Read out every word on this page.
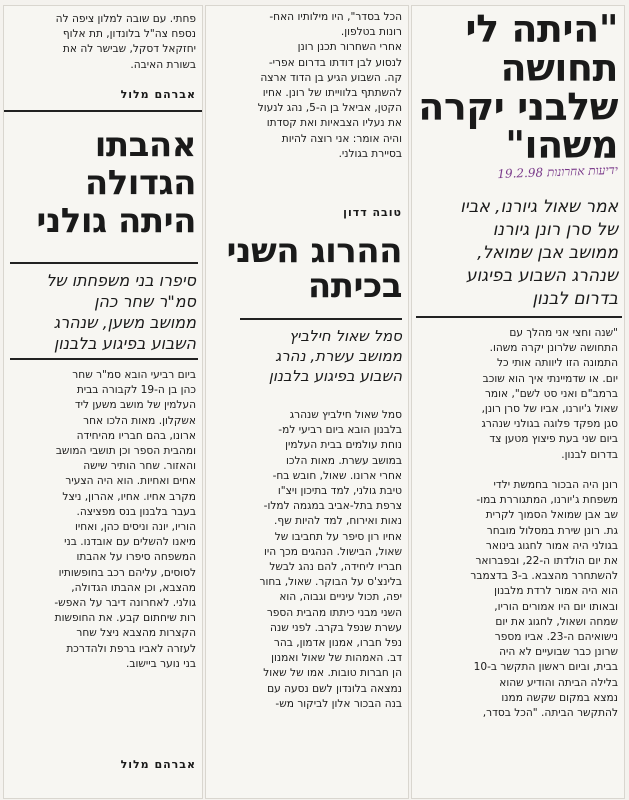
"היתה לי
תחושה
שלבני יקרה
משהו"
ידיעות אחרונות 19.2.98
אמר שאול גיורנו, אביו
של סרן רונן גיורנו
ממושב אבן שמואל,
שנהרג השבוע בפיגוע
בדרום לבנון
"שנה וחצי אני מהלך עם
התחושה שלרונן יקרה משהו.
התמונה הזו ליוותה אותי כל
יום. או שדמיינתי איך הוא שוכב
ברמב"ם ואני סט לשם", אומר
שאול ג'יורנו, אביו של סרן רונן,
סגן מפקד פלוגה בגולני שנהרג
ביום שני בעת פיצוץ מטען צד
בדרום לבנון.

רונן היה הבכור בחמשת ילדי
משפחת ג'יורנו, המתגוררת במו-
שב אבן שמואל הסמוך לקרית
גת. רונן שירת במסלול מובחר
בגולני היה אמור לחגוג בינואר
את יום הולדתו ה-22, ובפברואר
להשתחרר מהצבא. ב-3 בדצמבר
הוא היה אמור לרדת מלבנון
ובאותו יום היו אמורים הוריו,
שמחה ושאול, לחגוג את יום
נישואיהם ה-23. אביו מספר
שרונן כבר שבועיים לא היה
בבית, וביום ראשון התקשר ב-10
בלילה הביתה והודיע שהוא
נמצא במקום שקשה ממנו
להתקשר הביתה. "הכל בסדר,
הכל בסדר", היו מילותיו האח-
רונות בטלפון.
אחרי השחרור תכנן רונן
לנסוע לבן דודתו בדרום אפרי-
קה. השבוע הגיע בן הדוד ארצה
להשתתף בלווייתו של רונן. אחיו
הקטן, אביאל בן ה-5, נהג לנעול
את נעליו הצבאיות ואת קסדתו
והיה אומר: אני רוצה להיות
בסיירת בגולני.
טובה דדון
ההרוג השני
בכיתה
סמל שאול חילביץ
ממושב עשרת, נהרג
השבוע בפיגוע בלבנון
סמל שאול חילביץ שנהרג
בלבנון הובא ביום רביעי למ-
נוחת עולמים בבית העלמין
במושב עשרת. מאות הלכו
אחרי ארונו. שאול, חובש בח-
טיבת גולני, למד בתיכון ויצ"ו
צרפת בתל-אביב במגמה למלו-
נאות ואירוח, למד להיות שף.
אחיו רון סיפר על תחביבו של
שאול, הבישול. הנהגים מכך היו
חבריו ליחידה, להם נהג לבשל
בלינצ'ס על הבוקר. שאול, בחור
יפה, תכול עיניים וגבוה, הוא
השני מבני כיתתו מהבית הספר
עשרת שנפל בקרב. לפני שנה
נפל חברו, אמנון אדמון, בהר
דב. האמהות של שאול ואמנון
הן חברות טובות. אמו של שאול
נמצאה בלונדון לשם נסעה עם
בנה הבכור אלון לביקור מש-
פחתי. עם שובה למלון ציפה לה
נספח צה"ל בלונדון, תת אלוף
יחזקאל דסקל, שבישר לה את
בשורת האיבה.
אברהם מלול
אהבתו
הגדולה
היתה גולני
סיפרו בני משפחתו של
סמ"ר שחר כהן
ממושב משען, שנהרג
השבוע בפיגוע בלבנון
ביום רביעי הובא סמ"ר שחר
כהן בן ה-19 לקבורה בבית
העלמין של מושב משען ליד
אשקלון. מאות הלכו אחר
ארונו, בהם חבריו מהיחידה
ומהבית הספר וכן תושבי המושב
והאזור. שחר הותיר שישה
אחים ואחיות. הוא היה הצעיר
מקרב אחיו. אחיו, אהרון, ניצל
בעבר בלבנון בנס מפציצה.
הוריו, יונה וניסים כהן, ואחיו
מיאנו להשלים עם אובדנו. בני
המשפחה סיפרו על אהבתו
לסוסים, עליהם רכב בחופשותיו
מהצבא, וכן אהבתו הגדולה,
גולני. לאחרונה דיבר על האפש-
רות שיחתום קבע. את החופשות
הקצרות מהצבא ניצל שחר
לעזרה לאביו ברפת ולהדרכת
בני נוער ביישוב.
אברהם מלול
